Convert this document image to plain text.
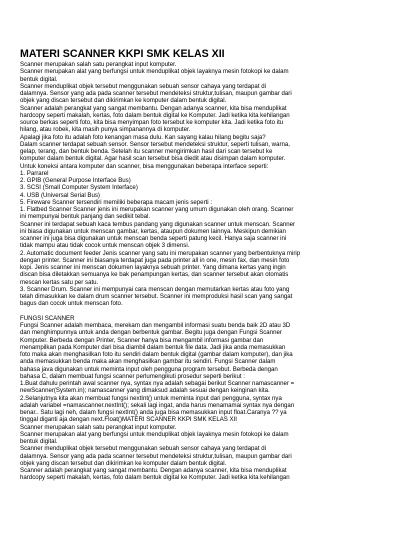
MATERI SCANNER KKPI SMK KELAS XII
Scanner merupakan salah satu perangkat input komputer.
Scanner merupakan alat yang berfungsi untuk menduplikat objek layaknya mesin fotokopi ke dalam
bentuk digital.
Scanner menduplikat objek tersebut menggunakan sebuah sensor cahaya yang terdapat di
dalamnya. Sensor yang ada pada scanner tersebut mendeteksi struktur,tulisan, maupun gambar dari
objek yang discan tersebut dan dikirimkan ke komputer dalam bentuk digital.
Scanner adalah perangkat yang sangat membantu. Dengan adanya scanner, kita bisa menduplikat
hardcopy seperti makalah, kertas, foto dalam bentuk digital ke Komputer. Jadi ketika kita kehilangan
source berkas seperti foto, kita bisa menyimpan foto tersebut ke komputer kita. Jadi ketika foto itu
hilang, atau robek, kita masih punya simpanannya di komputer.
Apalagi jika foto itu adalah foto kenangan masa dulu. Kan sayang kalau hilang begitu saja?
Dalam scanner terdapat sebuah sensor. Sensor tersebut mendeteksi struktur, seperti tulisan, warna,
gelap, terang, dan bentuk benda. Setelah itu scanner mengirimkan hasil dari scan tersebut ke
komputer dalam bentuk digital. Agar hasil scan tersebut bisa diedit atau disimpan dalam komputer.
Untuk koneksi antara komputer dan scanner, bisa menggunakan beberapa interface seperti:
1. Parrarel
2. GPIB (General Purpose Interface Bus)
3. SCSI (Small Computer System Interface)
4. USB (Universal Serial Bus)
5. Fireware Scanner tersendiri memiliki beberapa macam jenis seperti :
1. Flatbed Scanner Scanner jenis ini merupakan scanner yang umum digunakan oleh orang. Scanner
ini mempunyai bentuk panjang dan sedikit tebal.
Scanner ini terdapat sebuah kaca tembus pandang yang digunakan scanner untuk menscan. Scanner
ini biasa digunakan untuk menscan gambar, kertas, ataupun dokumen lainnya. Meskipun demikian
scanner ini juga bisa digunakan untuk menscan benda seperti patung kecil. Hanya saja scanner ini
tidak mampu atau tidak cocok untuk menscan objek 3 dimensi.
2. Automatic document feeder Jenis scanner yang satu ini merupakan scanner yang berbentuknya mirip
dengan printer. Scanner ini biasanya terdapat juga pada printer all in one, mesin fax, dan mesin foto
kopi. Jenis scanner ini menscan dokumen layaknya sebuah printer. Yang dimana kertas yang ingin
discan bisa diletakkan semuanya ke bak penampungan kertas, dan scanner tersebut akan otomatis
mescan kertas satu per satu.
3. Scanner Drum. Scanner ini mempunyai cara menscan dengan memutarkan kertas atau foto yang
telah dimasukkan ke dalam drum scanner tersebut. Scanner ini memproduksi hasil scan yang sangat
bagus dan cocok untuk menscan foto.
FUNGSI SCANNER
Fungsi Scanner adalah membaca, merekam dan mengambil informasi suatu benda baik 2D atau 3D
dan menghimpunnya untuk anda dengan berbentuk gambar. Begitu juga dengan Fungsi Scanner
Komputer. Berbeda dengan Printer, Scanner hanya bisa mengambil informasi gambar dan
menampilkan pada Komputer dari bisa diambil dalam bentuk file data. Jadi jika anda memasukkan
foto maka akan menghasilkan foto itu sendiri dalam bentuk digital (gambar dalam komputer), dan jika
anda memasukkan benda maka akan menghasilkan gambar itu sendiri. Fungsi Scanner dalam
bahasa java digunakan untuk meminta input oleh pengguna program tersebut. Berbeda dengan
bahasa C, dalam membuat fungsi scanner perlumengikuti prosedur seperti berikut :
1.Buat dahulu perintah awal scanner nya, syntax nya adalah sebagai berikut Scanner namascanner =
newScanner(System.in); namascanner yang dimaksud adalah sesuai dengan keinginan kita.
2.Selanjutnya kita akan membuat fungsi nextInt() untuk meminta input dari pengguna, syntax nya
adalah variabel =namascanner.nextInt(); sekali lagi ingat, anda harus menamamai syntax nya dengan
benar.. Satu lagi neh, dalam fungsi nextInt() anda juga bisa memasukkan input float.Caranya ?? ya
tinggal diganti aja dengan next.Float()MATERI SCANNER KKPI SMK KELAS XII
Scanner merupakan salah satu perangkat input komputer.
Scanner merupakan alat yang berfungsi untuk menduplikat objek layaknya mesin fotokopi ke dalam
bentuk digital.
Scanner menduplikat objek tersebut menggunakan sebuah sensor cahaya yang terdapat di
dalamnya. Sensor yang ada pada scanner tersebut mendeteksi struktur,tulisan, maupun gambar dari
objek yang discan tersebut dan dikirimkan ke komputer dalam bentuk digital.
Scanner adalah perangkat yang sangat membantu. Dengan adanya scanner, kita bisa menduplikat
hardcopy seperti makalah, kertas, foto dalam bentuk digital ke Komputer. Jadi ketika kita kehilangan
